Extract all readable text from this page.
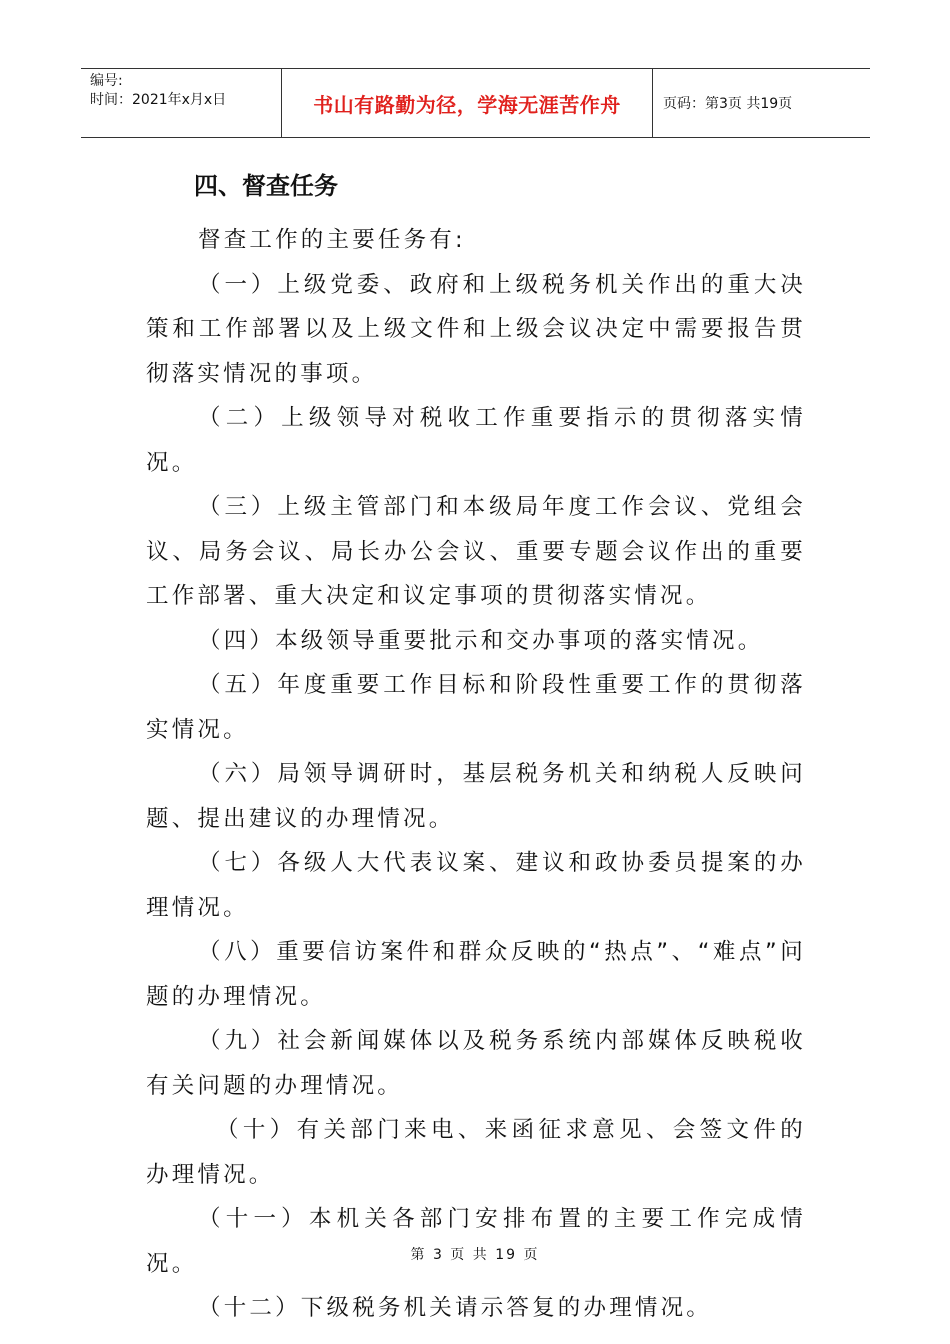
编号:
时间：2021年x月x日	书山有路勤为径，学海无涯苦作舟	页码：第3页 共19页
四、督查任务

督查工作的主要任务有:

（一）上级党委、政府和上级税务机关作出的重大决策和工作部署以及上级文件和上级会议决定中需要报告贯彻落实情况的事项。

（二）上级领导对税收工作重要指示的贯彻落实情况。

（三）上级主管部门和本级局年度工作会议、党组会议、局务会议、局长办公会议、重要专题会议作出的重要工作部署、重大决定和议定事项的贯彻落实情况。

（四）本级领导重要批示和交办事项的落实情况。

（五）年度重要工作目标和阶段性重要工作的贯彻落实情况。

（六）局领导调研时，基层税务机关和纳税人反映问题、提出建议的办理情况。

（七）各级人大代表议案、建议和政协委员提案的办理情况。

（八）重要信访案件和群众反映的“热点”、“难点”问题的办理情况。

（九）社会新闻媒体以及税务系统内部媒体反映税收有关问题的办理情况。

（十）有关部门来电、来函征求意见、会签文件的办理情况。

（十一）本机关各部门安排布置的主要工作完成情况。

（十二）下级税务机关请示答复的办理情况。

第 3 页 共 19 页
